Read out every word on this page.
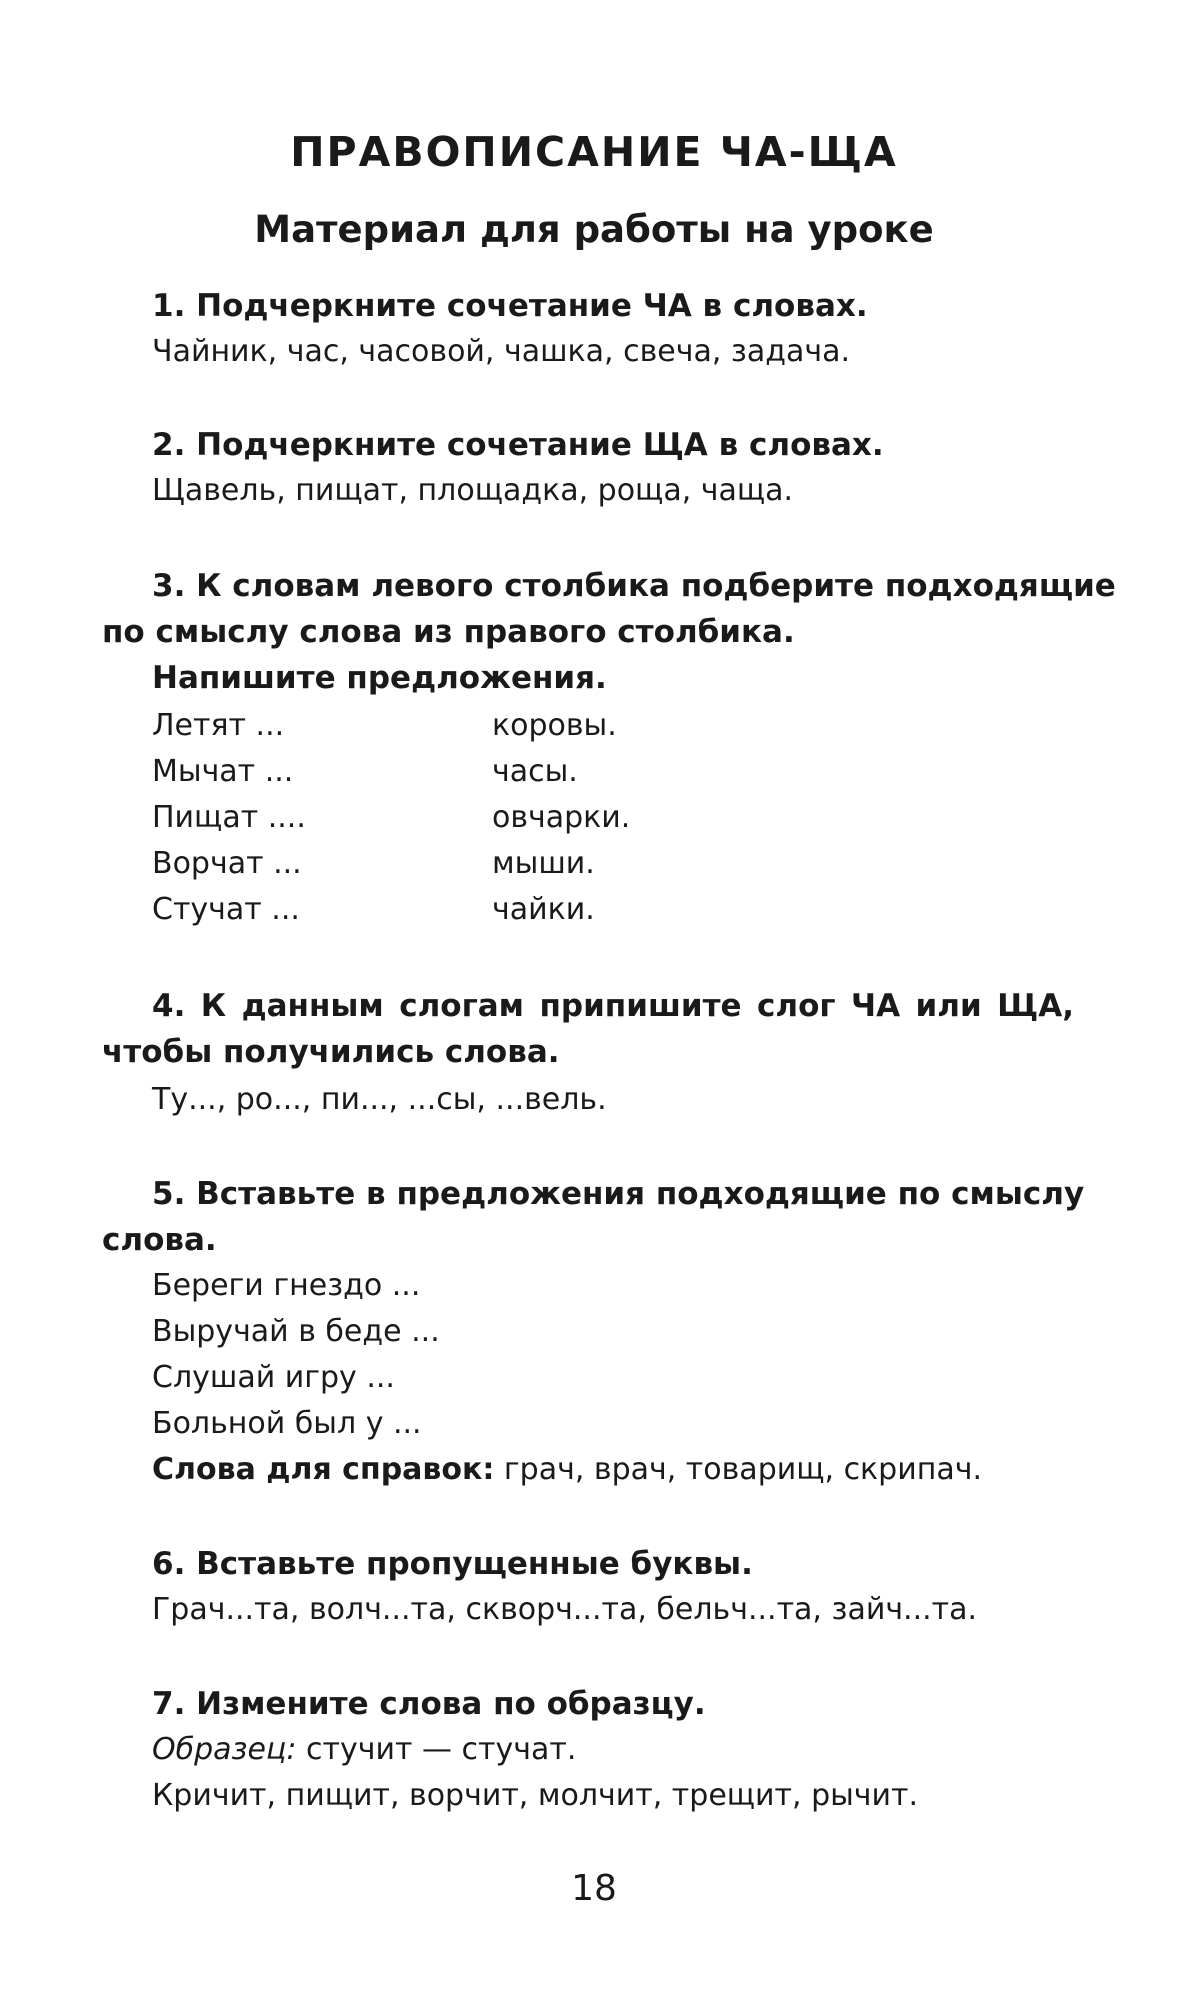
ПРАВОПИСАНИЕ ЧА-ЩА
Материал для работы на уроке
1. Подчеркните сочетание ЧА в словах.
Чайник, час, часовой, чашка, свеча, задача.
2. Подчеркните сочетание ЩА в словах.
Щавель, пищат, площадка, роща, чаща.
3. К словам левого столбика подберите подходящие
по смыслу слова из правого столбика.
Напишите предложения.
Летят ...	коровы.
Мычат ...	часы.
Пищат ....	овчарки.
Ворчат ...	мыши.
Стучат ...	чайки.
4. К данным слогам припишите слог ЧА или ЩА,
чтобы получились слова.
Ту..., ро..., пи..., ...сы, ...вель.
5. Вставьте в предложения подходящие по смыслу
слова.
Береги гнездо ...
Выручай в беде ...
Слушай игру ...
Больной был у ...
Слова для справок: грач, врач, товарищ, скрипач.
6. Вставьте пропущенные буквы.
Грач...та, волч...та, скворч...та, бельч...та, зайч...та.
7. Измените слова по образцу.
Образец: стучит — стучат.
Кричит, пищит, ворчит, молчит, трещит, рычит.
18
